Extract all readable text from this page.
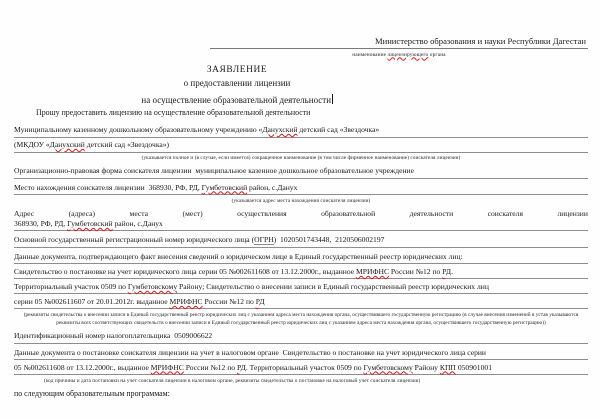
Министерство образования и науки Республики Дагестан
наименование лицензирующего органа
ЗАЯВЛЕНИЕ
о предоставлении лицензии
на осуществление образовательной деятельности
Прошу предоставить лицензию на осуществление образовательной деятельности
Муниципальному казенному дошкольному образовательному учреждению «Данухский детский сад «Звездочка»
(МКДОУ «Данухский детский сад «Звездочка»)
(указывается полное и (в случае, если имеется) сокращенное наименование (в том числе фирменное наименование) соискателя лицензии)
Организационно-правовая форма соискателя лицензии муниципальное казенное дошкольное образовательное учреждение
Место нахождения соискателя лицензии 368930, РФ, РД, Гумбетовский район, с.Данух
(указывается адрес места нахождения соискателя лицензии)
Адрес	(адреса)	места	(мест)	осуществления	образовательной	деятельности	соискателя	лицензии
368930, РФ, РД, Гумбетовский район, с.Данух
Основной государственный регистрационный номер юридического лица (ОГРН) 1020501743448,  2120506002197
Данные документа, подтверждающего факт внесения сведений о юридическом лице в Единый государственный реестр юридических лиц:
Свидетельство о постановке на учет юридического лица серии 05 №002611608 от 13.12.2000г., выданное МРИФНС России №12 по РД.
Территориальный участок 0509 по Гумбетовскому Району; Свидетельство о внесении записи в Единый государственный реестр юридических лиц
серии 05 №002611607 от 20.01.2012г. выданное МРИФНС России №12 по РД
(реквизиты свидетельства о внесении записи в Единый государственный реестр юридических лиц с указанием адреса места нахождения органа, осуществившего государственную регистрацию (в случае внесения изменений в устав указываются реквизиты всех соответствующих свидетельств о внесении записи в Единый государственный реестр юридических лиц с указанием адреса места нахождения органа, осуществившего государственную регистрацию))
Идентификационный номер налогоплательщика 0509006622
Данные документа о постановке соискателя лицензии на учет в налоговом органе Свидетельство о постановке на учет юридического лица серии
05 №002611608 от 13.12.2000г., выданное МРИФНС России №12 по РД. Территориальный участок 0509 по Гумбетовскому Району КПП 050901001
(код причины и дата постановки на учет соискателя лицензии в налоговом органе, реквизиты свидетельства о постановке на налоговый учет соискателя лицензии)
по следующим образовательным программам:
